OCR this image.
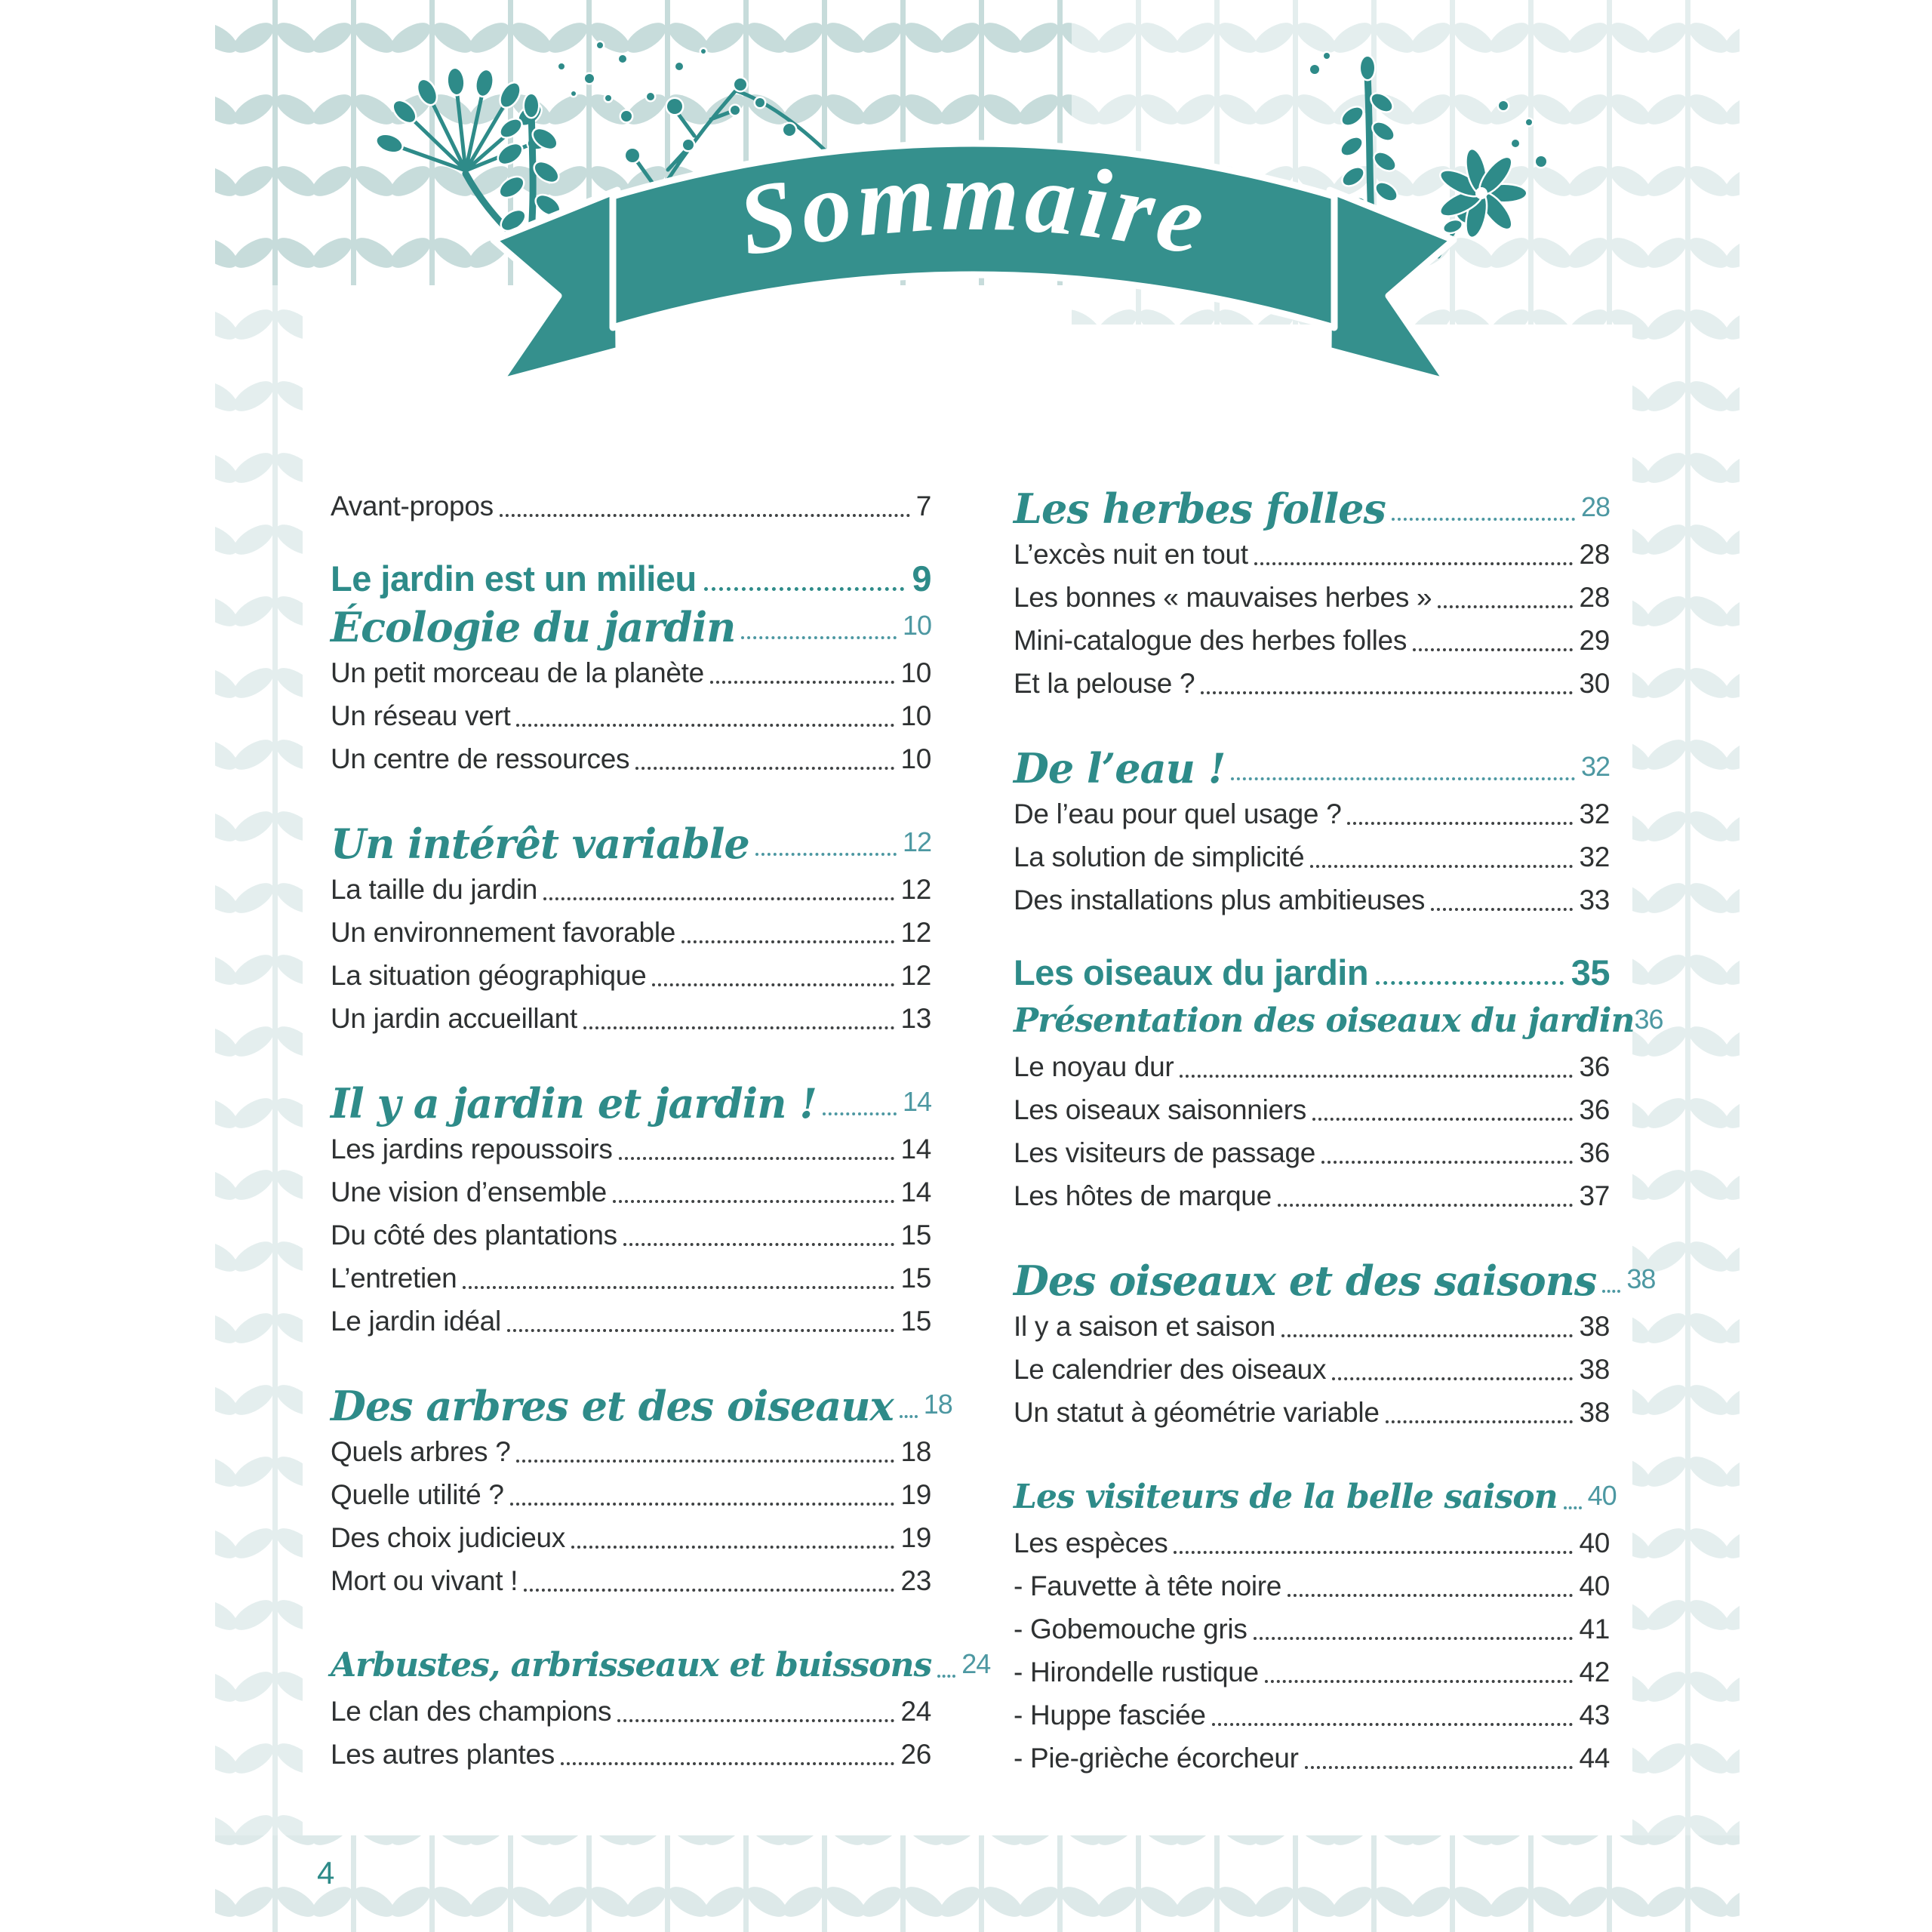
Sommaire
Avant-propos	7
Le jardin est un milieu	9
Écologie du jardin	10
Un petit morceau de la planète	10
Un réseau vert	10
Un centre de ressources	10
Un intérêt variable	12
La taille du jardin	12
Un environnement favorable	12
La situation géographique	12
Un jardin accueillant	13
Il y a jardin et jardin !	14
Les jardins repoussoirs	14
Une vision d’ensemble	14
Du côté des plantations	15
L’entretien	15
Le jardin idéal	15
Des arbres et des oiseaux 18
Quels arbres ?	18
Quelle utilité ?	19
Des choix judicieux	19
Mort ou vivant !	23
Arbustes, arbrisseaux et buissons 24
Le clan des champions	24
Les autres plantes	26
Les herbes folles	28
L’excès nuit en tout	28
Les bonnes « mauvaises herbes »	28
Mini-catalogue des herbes folles	29
Et la pelouse ?	30
De l’eau !	32
De l’eau pour quel usage ?	32
La solution de simplicité	32
Des installations plus ambitieuses	33
Les oiseaux du jardin	35
Présentation des oiseaux du jardin 36
Le noyau dur	36
Les oiseaux saisonniers	36
Les visiteurs de passage	36
Les hôtes de marque	37
Des oiseaux et des saisons 38
Il y a saison et saison	38
Le calendrier des oiseaux	38
Un statut à géométrie variable	38
Les visiteurs de la belle saison 40
Les espèces	40
- Fauvette à tête noire	40
- Gobemouche gris	41
- Hirondelle rustique	42
- Huppe fasciée	43
- Pie-grièche écorcheur	44
4
